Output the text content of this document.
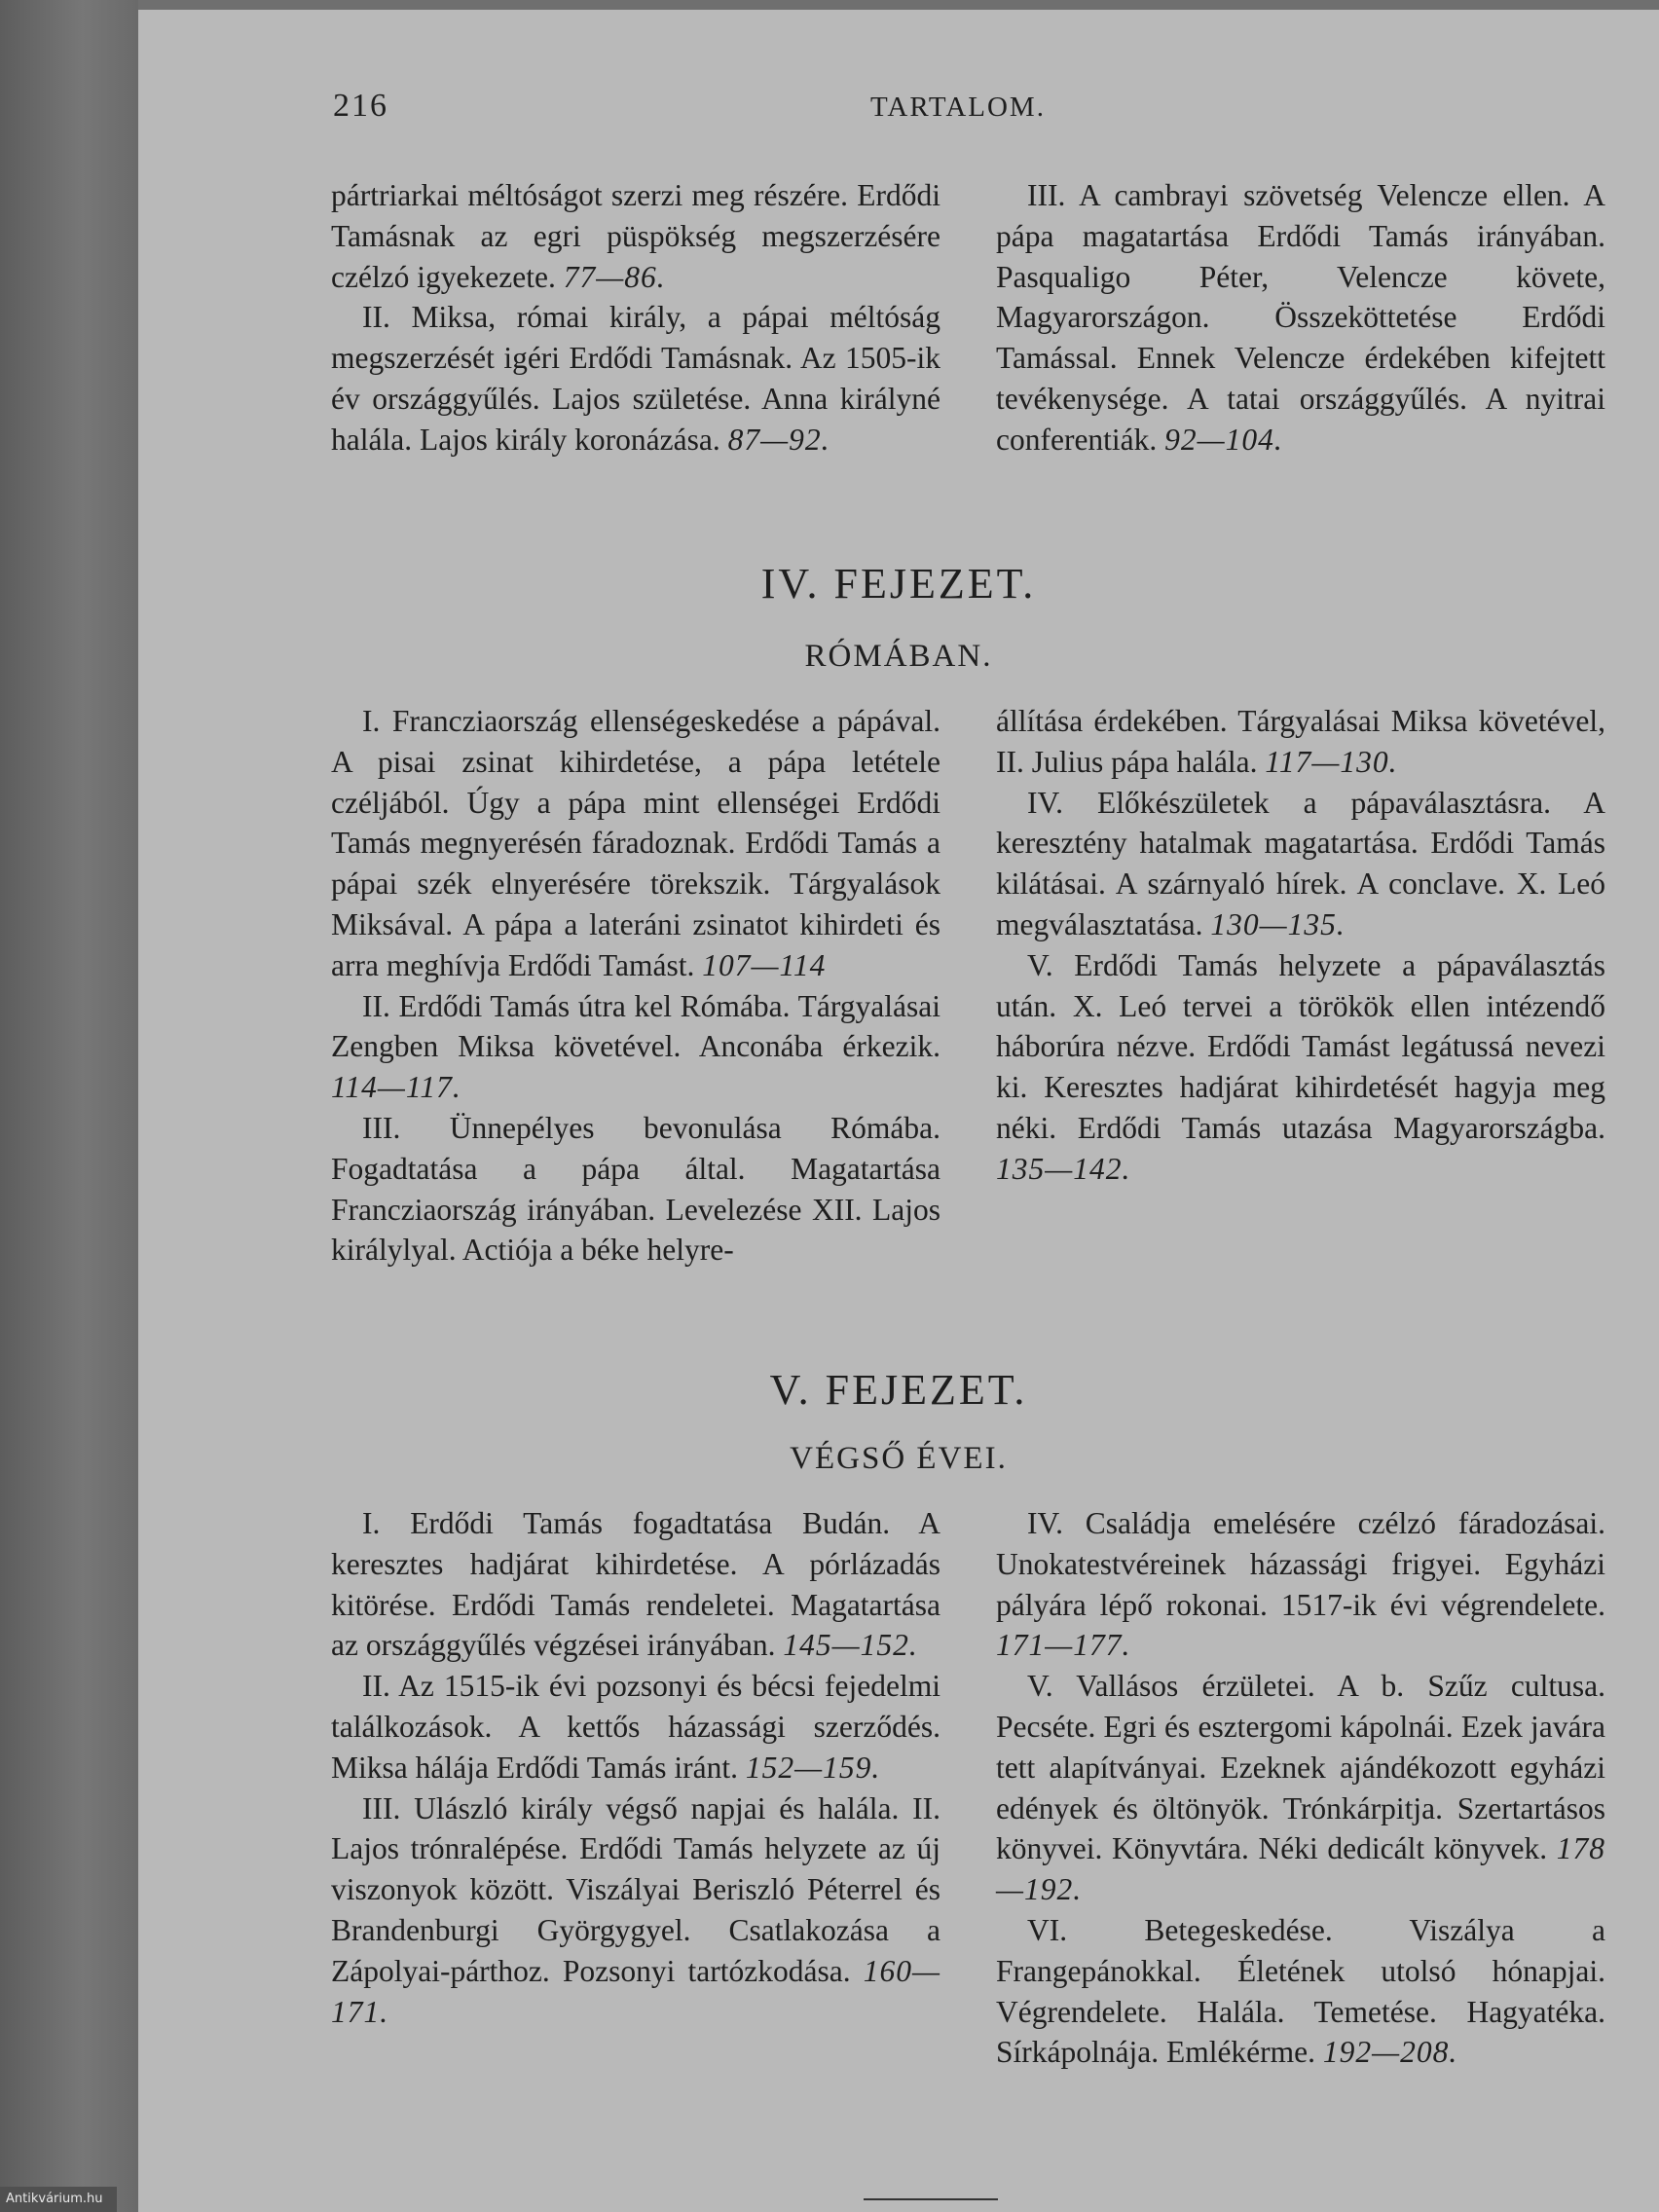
216	TARTALOM.

pártriarkai méltóságot szerzi meg részére. Erdődi Tamásnak az egri püspökség megszerzésére czélzó igyekezete. 77—86.

II. Miksa, római király, a pápai méltóság megszerzését igéri Erdődi Tamásnak. Az 1505-ik év országgyűlés. Lajos születése. Anna királyné halála. Lajos király koronázása. 87—92.

III. A cambrayi szövetség Velencze ellen. A pápa magatartása Erdődi Tamás irányában. Pasqualigo Péter, Velencze követe, Magyarországon. Összeköttetése Erdődi Tamással. Ennek Velencze érdekében kifejtett tevékenysége. A tatai országgyűlés. A nyitrai conferentiák. 92—104.

IV. FEJEZET.
RÓMÁBAN.

I. Francziaország ellenségeskedése a pápával. A pisai zsinat kihirdetése, a pápa letétele czéljából. Úgy a pápa mint ellenségei Erdődi Tamás megnyerésén fáradoznak. Erdődi Tamás a pápai szék elnyerésére törekszik. Tárgyalások Miksával. A pápa a lateráni zsinatot kihirdeti és arra meghívja Erdődi Tamást. 107—114

II. Erdődi Tamás útra kel Rómába. Tárgyalásai Zengben Miksa követével. Anconába érkezik. 114—117.

III. Ünnepélyes bevonulása Rómába. Fogadtatása a pápa által. Magatartása Francziaország irányában. Levelezése XII. Lajos királylyal. Actiója a béke helyre-

állítása érdekében. Tárgyalásai Miksa követével, II. Julius pápa halála. 117—130.

IV. Előkészületek a pápaválasztásra. A keresztény hatalmak magatartása. Erdődi Tamás kilátásai. A szárnyaló hírek. A conclave. X. Leó megválasztatása. 130—135.

V. Erdődi Tamás helyzete a pápaválasztás után. X. Leó tervei a törökök ellen intézendő háborúra nézve. Erdődi Tamást legátussá nevezi ki. Keresztes hadjárat kihirdetését hagyja meg néki. Erdődi Tamás utazása Magyarországba. 135—142.

V. FEJEZET.
VÉGSŐ ÉVEI.

I. Erdődi Tamás fogadtatása Budán. A keresztes hadjárat kihirdetése. A pórlázadás kitörése. Erdődi Tamás rendeletei. Magatartása az országgyűlés végzései irányában. 145—152.

II. Az 1515-ik évi pozsonyi és bécsi fejedelmi találkozások. A kettős házassági szerződés. Miksa hálája Erdődi Tamás iránt. 152—159.

III. Ulászló király végső napjai és halála. II. Lajos trónralépése. Erdődi Tamás helyzete az új viszonyok között. Viszályai Beriszló Péterrel és Brandenburgi Györgygyel. Csatlakozása a Zápolyai-párthoz. Pozsonyi tartózkodása. 160—171.

IV. Családja emelésére czélzó fáradozásai. Unokatestvéreinek házassági frigyei. Egyházi pályára lépő rokonai. 1517-ik évi végrendelete. 171—177.

V. Vallásos érzületei. A b. Szűz cultusa. Pecséte. Egri és esztergomi kápolnái. Ezek javára tett alapítványai. Ezeknek ajándékozott egyházi edények és öltönyök. Trónkárpitja. Szertartásos könyvei. Könyvtára. Néki dedicált könyvek. 178—192.

VI. Betegeskedése. Viszálya a Frangepánokkal. Életének utolsó hónapjai. Végrendelete. Halála. Temetése. Hagyatéka. Sírkápolnája. Emlékérme. 192—208.

Antikvárium.hu
